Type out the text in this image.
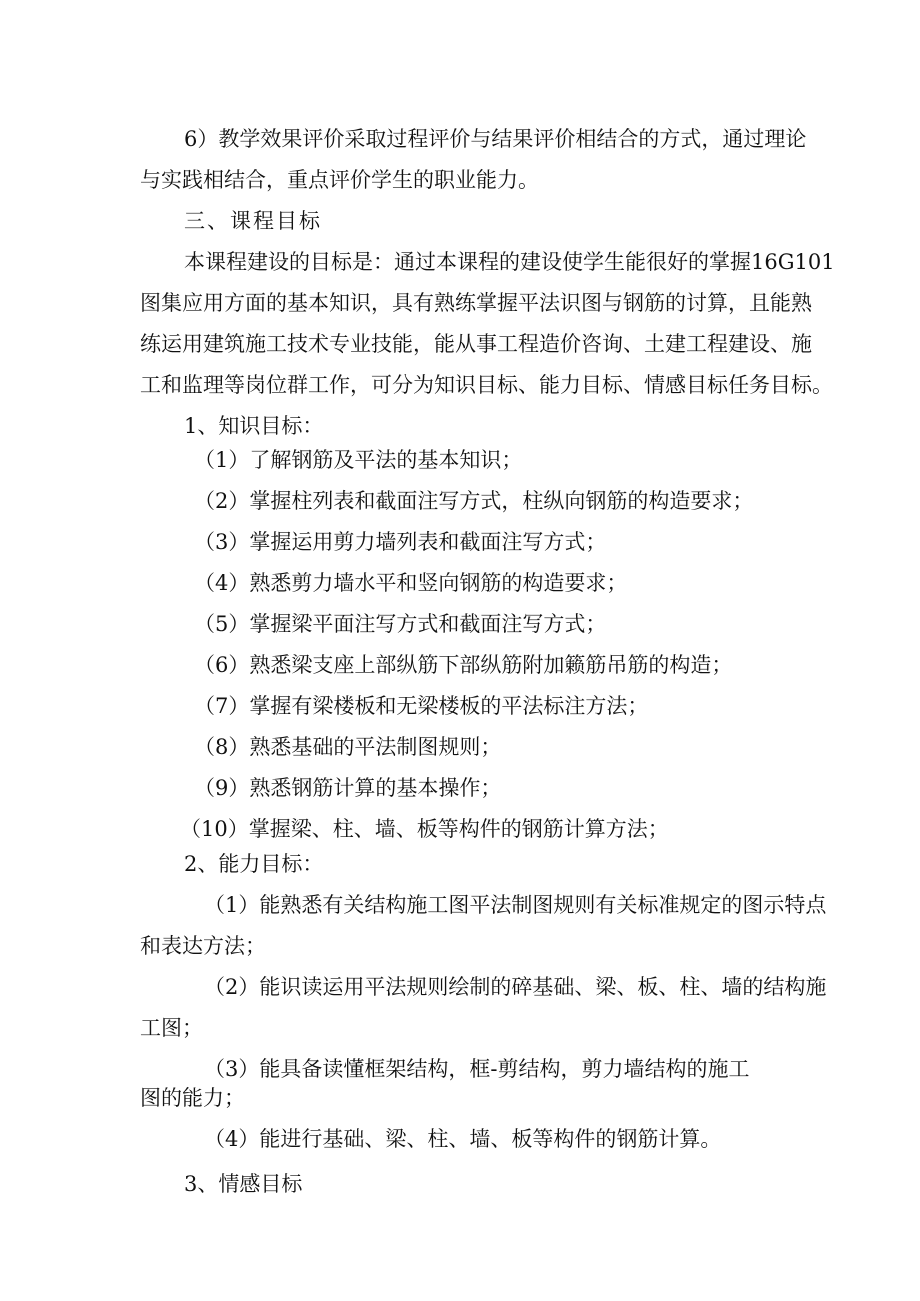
6）教学效果评价采取过程评价与结果评价相结合的方式，通过理论

与实践相结合，重点评价学生的职业能力。

三、课程目标

本课程建设的目标是：通过本课程的建设使学生能很好的掌握16G101

图集应用方面的基本知识，具有熟练掌握平法识图与钢筋的讨算，且能熟

练运用建筑施工技术专业技能，能从事工程造价咨询、土建工程建设、施

工和监理等岗位群工作，可分为知识目标、能力目标、情感目标任务目标。

1、知识目标：

（1）了解钢筋及平法的基本知识；

（2）掌握柱列表和截面注写方式，柱纵向钢筋的构造要求；

（3）掌握运用剪力墙列表和截面注写方式；

（4）熟悉剪力墙水平和竖向钢筋的构造要求；

（5）掌握梁平面注写方式和截面注写方式；

（6）熟悉梁支座上部纵筋下部纵筋附加籁筋吊筋的构造；

（7）掌握有梁楼板和无梁楼板的平法标注方法；

（8）熟悉基础的平法制图规则；

（9）熟悉钢筋计算的基本操作；

（10）掌握梁、柱、墙、板等构件的钢筋计算方法；

2、能力目标：

（1）能熟悉有关结构施工图平法制图规则有关标准规定的图示特点

和表达方法；

（2）能识读运用平法规则绘制的碎基础、梁、板、柱、墙的结构施

工图；

（3）能具备读懂框架结构，框-剪结构，剪力墙结构的施工

图的能力；

（4）能进行基础、梁、柱、墙、板等构件的钢筋计算。

3、情感目标
